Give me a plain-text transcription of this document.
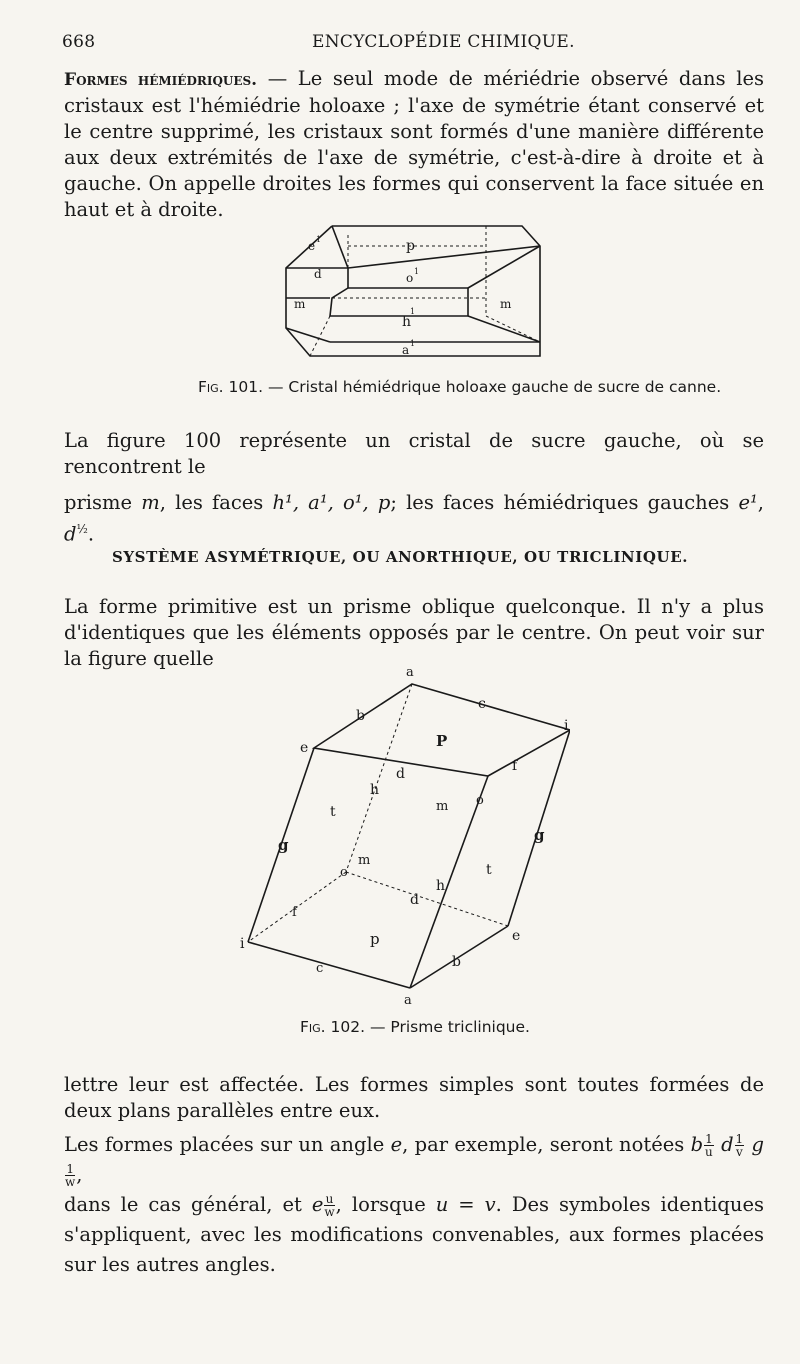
668	ENCYCLOPÉDIE CHIMIQUE.

Formes hémiédriques. — Le seul mode de mériédrie observé dans les cristaux est l'hémiédrie holoaxe ; l'axe de symétrie étant conservé et le centre supprimé, les cristaux sont formés d'une manière différente aux deux extrémités de l'axe de symétrie, c'est-à-dire à droite et à gauche. On appelle droites les formes qui conservent la face située en haut et à droite.

p
e 1
d	o 1
m	m
h
1
a 1
Fig. 101. — Cristal hémiédrique holoaxe gauche de sucre de canne.

La figure 100 représente un cristal de sucre gauche, où se rencontrent le
prisme m, les faces h¹, a¹, o¹, p; les faces hémiédriques gauches e¹, $d^{\frac{1}{2}}$.

SYSTÈME ASYMÉTRIQUE, OU ANORTHIQUE, OU TRICLINIQUE.

La forme primitive est un prisme oblique quelconque. Il n'y a plus d'identiques que les éléments opposés par le centre. On peut voir sur la figure quelle

a
b
c
i
e	P
d	f
h
t	m o
g
g
t
m
o
h
d
f
p
i	e
c	b
a
Fig. 102. — Prisme triclinique.

lettre leur est affectée. Les formes simples sont toutes formées de deux plans parallèles entre eux.

Les formes placées sur un angle e, par exemple, seront notées b $\frac{1}{u}$ d $\frac{1}{v}$ g
$\frac{1}{w}$ ,
dans le cas général, et e $\frac{u}{w}$ , lorsque u = v. Des symboles identiques s'appliquent, avec les modifications convenables, aux formes placées sur les autres angles.
